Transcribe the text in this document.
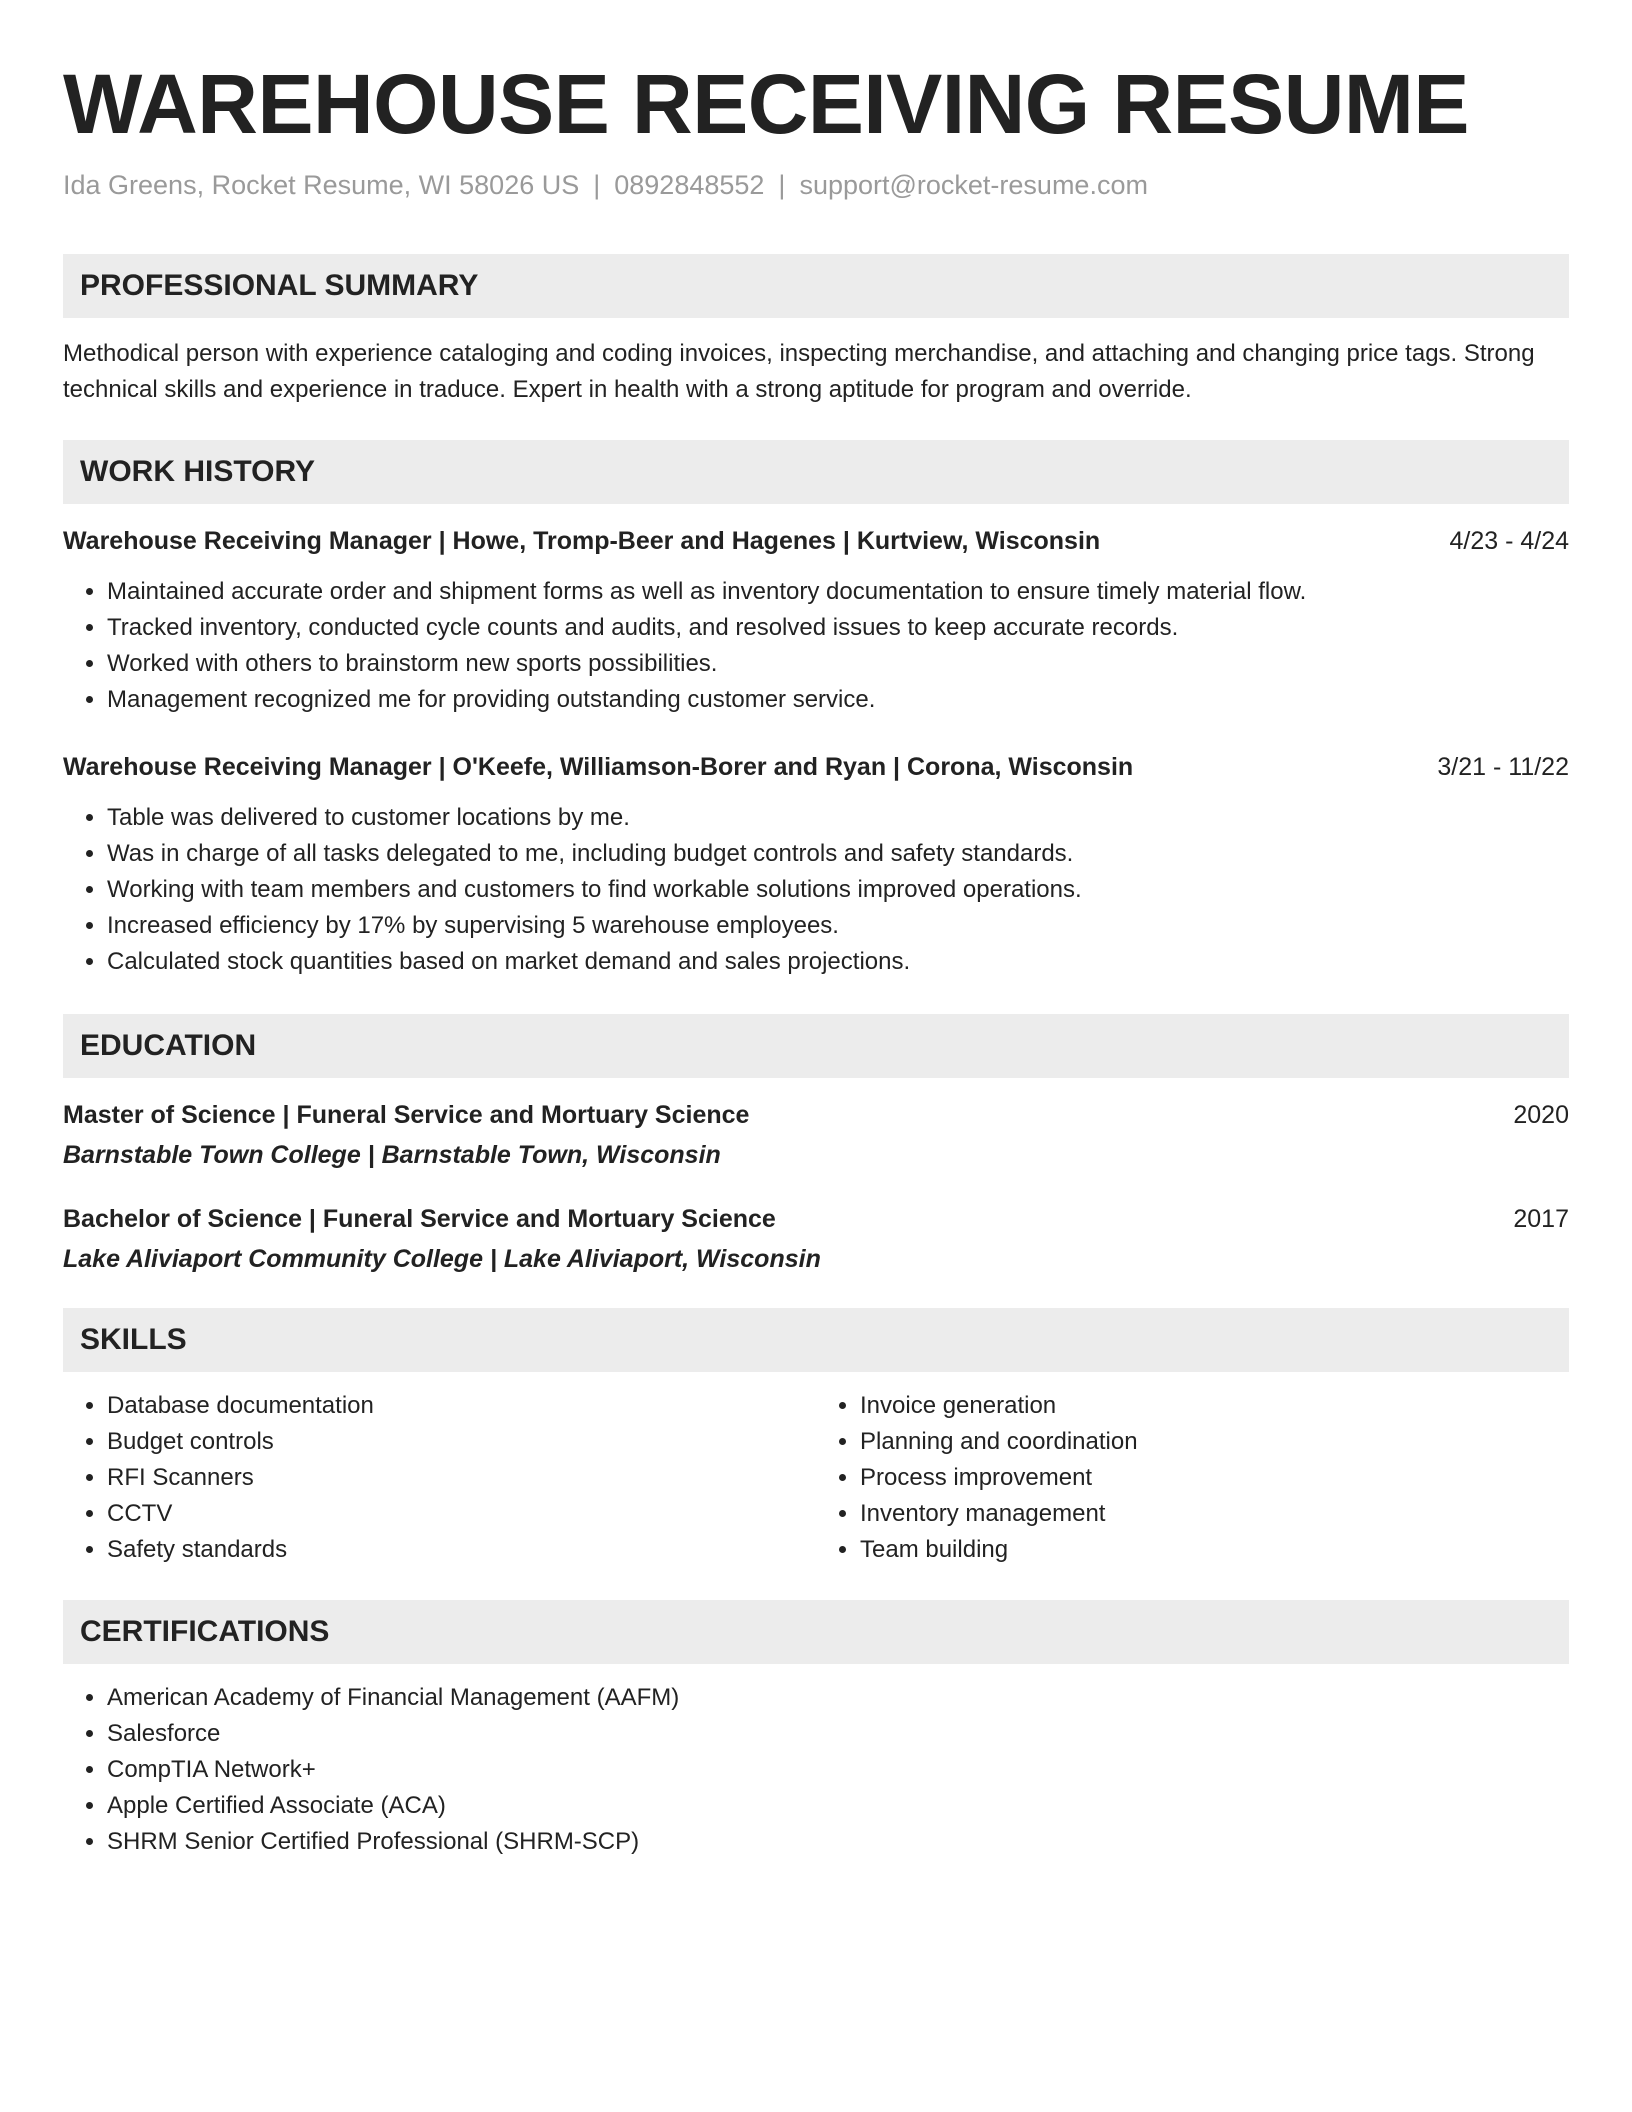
WAREHOUSE RECEIVING RESUME
Ida Greens, Rocket Resume, WI 58026 US | 0892848552 | support@rocket-resume.com
PROFESSIONAL SUMMARY
Methodical person with experience cataloging and coding invoices, inspecting merchandise, and attaching and changing price tags. Strong technical skills and experience in traduce. Expert in health with a strong aptitude for program and override.
WORK HISTORY
Warehouse Receiving Manager | Howe, Tromp-Beer and Hagenes | Kurtview, Wisconsin	4/23 - 4/24
• Maintained accurate order and shipment forms as well as inventory documentation to ensure timely material flow.
• Tracked inventory, conducted cycle counts and audits, and resolved issues to keep accurate records.
• Worked with others to brainstorm new sports possibilities.
• Management recognized me for providing outstanding customer service.
Warehouse Receiving Manager | O'Keefe, Williamson-Borer and Ryan | Corona, Wisconsin	3/21 - 11/22
• Table was delivered to customer locations by me.
• Was in charge of all tasks delegated to me, including budget controls and safety standards.
• Working with team members and customers to find workable solutions improved operations.
• Increased efficiency by 17% by supervising 5 warehouse employees.
• Calculated stock quantities based on market demand and sales projections.
EDUCATION
Master of Science | Funeral Service and Mortuary Science	2020
Barnstable Town College | Barnstable Town, Wisconsin
Bachelor of Science | Funeral Service and Mortuary Science	2017
Lake Aliviaport Community College | Lake Aliviaport, Wisconsin
SKILLS
• Database documentation
• Budget controls
• RFI Scanners
• CCTV
• Safety standards
• Invoice generation
• Planning and coordination
• Process improvement
• Inventory management
• Team building
CERTIFICATIONS
• American Academy of Financial Management (AAFM)
• Salesforce
• CompTIA Network+
• Apple Certified Associate (ACA)
• SHRM Senior Certified Professional (SHRM-SCP)
